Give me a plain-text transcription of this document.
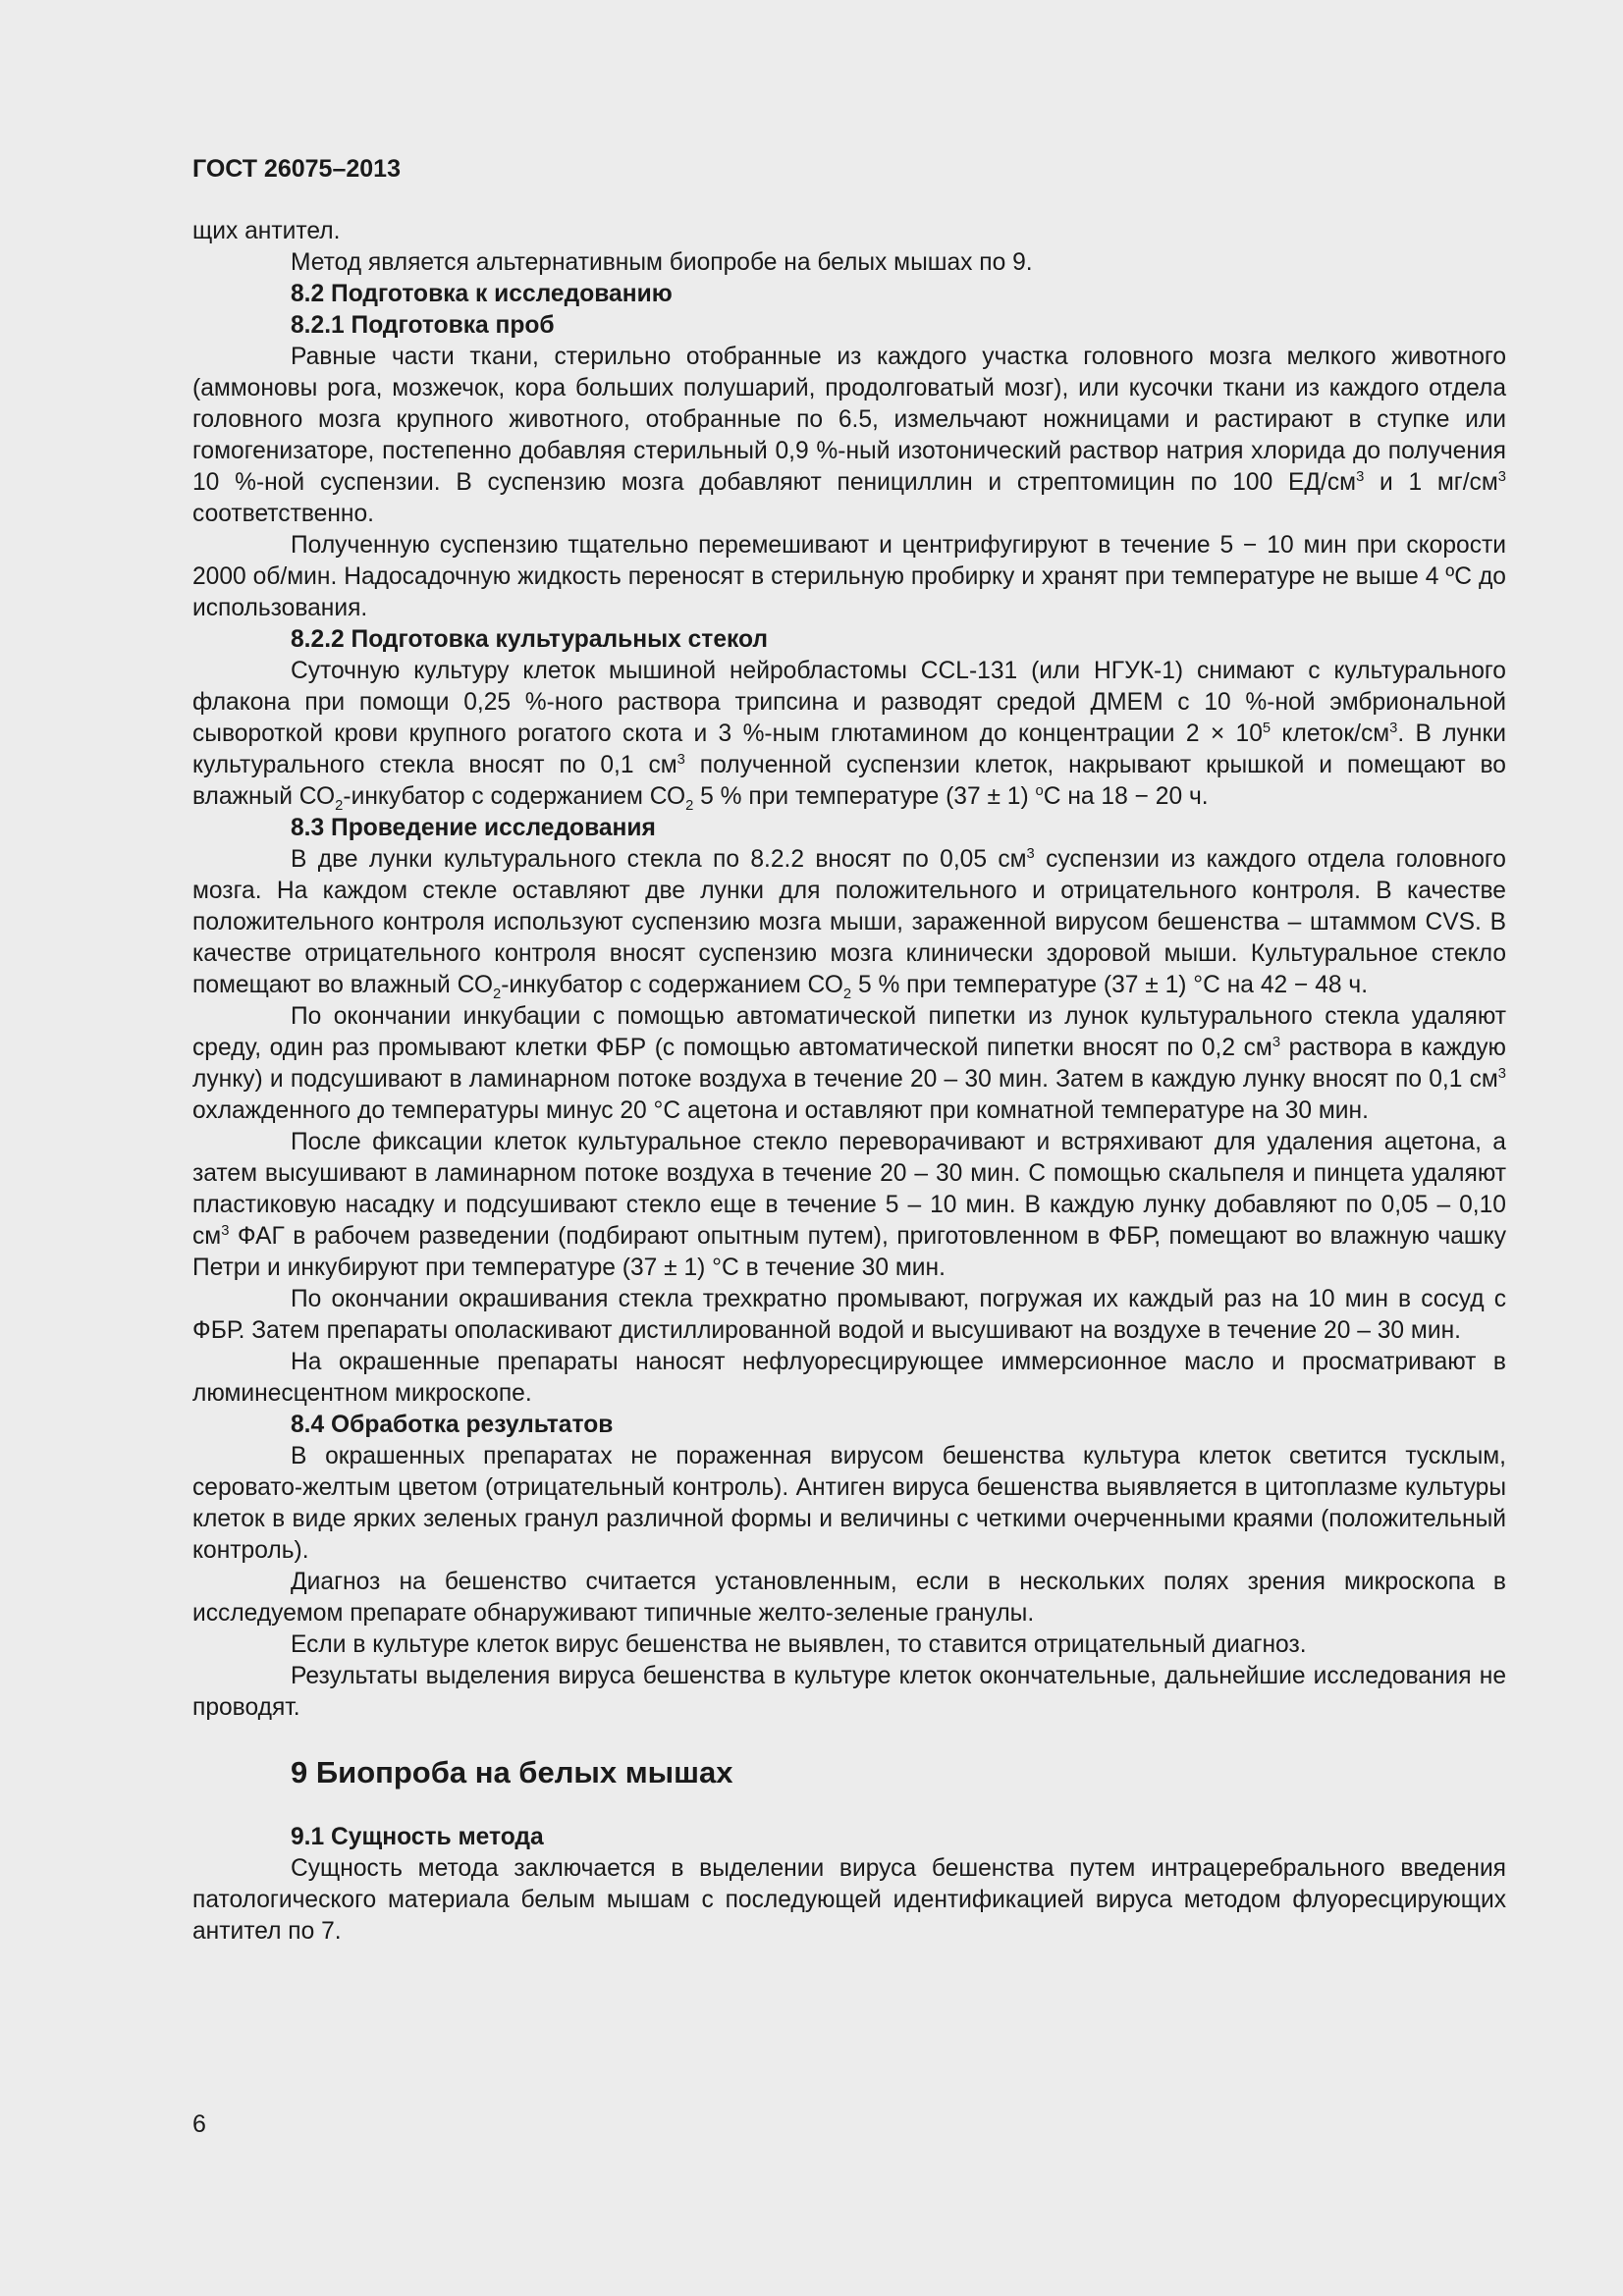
ГОСТ 26075–2013

щих антител.

Метод является альтернативным биопробе на белых мышах по 9.

8.2 Подготовка к исследованию
8.2.1 Подготовка проб

Равные части ткани, стерильно отобранные из каждого участка головного мозга мелкого животного (аммоновы рога, мозжечок, кора больших полушарий, продолговатый мозг), или кусочки ткани из каждого отдела головного мозга крупного животного, отобранные по 6.5, измельчают ножницами и растирают в ступке или гомогенизаторе, постепенно добавляя стерильный 0,9 %-ный изотонический раствор натрия хлорида до получения 10 %-ной суспензии. В суспензию мозга добавляют пенициллин и стрептомицин по 100 $ЕД/см^3$ и 1 $мг/см^3$ соответственно.

Полученную суспензию тщательно перемешивают и центрифугируют в течение 5 − 10 мин при скорости 2000 об/мин. Надосадочную жидкость переносят в стерильную пробирку и хранят при температуре не выше 4 ºС до использования.

8.2.2 Подготовка культуральных стекол

Суточную культуру клеток мышиной нейробластомы CCL-131 (или НГУК-1) снимают с культурального флакона при помощи 0,25 %-ного раствора трипсина и разводят средой ДМЕМ с 10 %-ной эмбриональной сывороткой крови крупного рогатого скота и 3 %-ным глютамином до концентрации $2 \times 10^5$ клеток/$см^3$. В лунки культурального стекла вносят по 0,1 $см^3$ полученной суспензии клеток, накрывают крышкой и помещают во влажный $СО_2$-инкубатор с содержанием $СО_2$ 5 % при температуре (37 ± 1) $^о$С на 18 − 20 ч.

8.3 Проведение исследования

В две лунки культурального стекла по 8.2.2 вносят по 0,05 $см^3$ суспензии из каждого отдела головного мозга. На каждом стекле оставляют две лунки для положительного и отрицательного контроля. В качестве положительного контроля используют суспензию мозга мыши, зараженной вирусом бешенства – штаммом CVS. В качестве отрицательного контроля вносят суспензию мозга клинически здоровой мыши. Культуральное стекло помещают во влажный $СО_2$-инкубатор с содержанием $СО_2$ 5 % при температуре (37 ± 1) °С на 42 − 48 ч.

По окончании инкубации с помощью автоматической пипетки из лунок культурального стекла удаляют среду, один раз промывают клетки ФБР (с помощью автоматической пипетки вносят по 0,2 $см^3$ раствора в каждую лунку) и подсушивают в ламинарном потоке воздуха в течение 20 – 30 мин. Затем в каждую лунку вносят по 0,1 $см^3$ охлажденного до температуры минус 20 °С ацетона и оставляют при комнатной температуре на 30 мин.

После фиксации клеток культуральное стекло переворачивают и встряхивают для удаления ацетона, а затем высушивают в ламинарном потоке воздуха в течение 20 – 30 мин. С помощью скальпеля и пинцета удаляют пластиковую насадку и подсушивают стекло еще в течение 5 – 10 мин. В каждую лунку добавляют по 0,05 – 0,10 $см^3$ ФАГ в рабочем разведении (подбирают опытным путем), приготовленном в ФБР, помещают во влажную чашку Петри и инкубируют при температуре (37 ± 1) °С в течение 30 мин.

По окончании окрашивания стекла трехкратно промывают, погружая их каждый раз на 10 мин в сосуд с ФБР. Затем препараты ополаскивают дистиллированной водой и высушивают на воздухе в течение 20 – 30 мин.

На окрашенные препараты наносят нефлуоресцирующее иммерсионное масло и просматривают в люминесцентном микроскопе.

8.4 Обработка результатов

В окрашенных препаратах не пораженная вирусом бешенства культура клеток светится тусклым, серовато-желтым цветом (отрицательный контроль). Антиген вируса бешенства выявляется в цитоплазме культуры клеток в виде ярких зеленых гранул различной формы и величины с четкими очерченными краями (положительный контроль).

Диагноз на бешенство считается установленным, если в нескольких полях зрения микроскопа в исследуемом препарате обнаруживают типичные желто-зеленые гранулы.

Если в культуре клеток вирус бешенства не выявлен, то ставится отрицательный диагноз.

Результаты выделения вируса бешенства в культуре клеток окончательные, дальнейшие исследования не проводят.

9 Биопроба на белых мышах
9.1 Сущность метода

Сущность метода заключается в выделении вируса бешенства путем интрацеребрального введения патологического материала белым мышам с последующей идентификацией вируса методом флуоресцирующих антител по 7.

6
